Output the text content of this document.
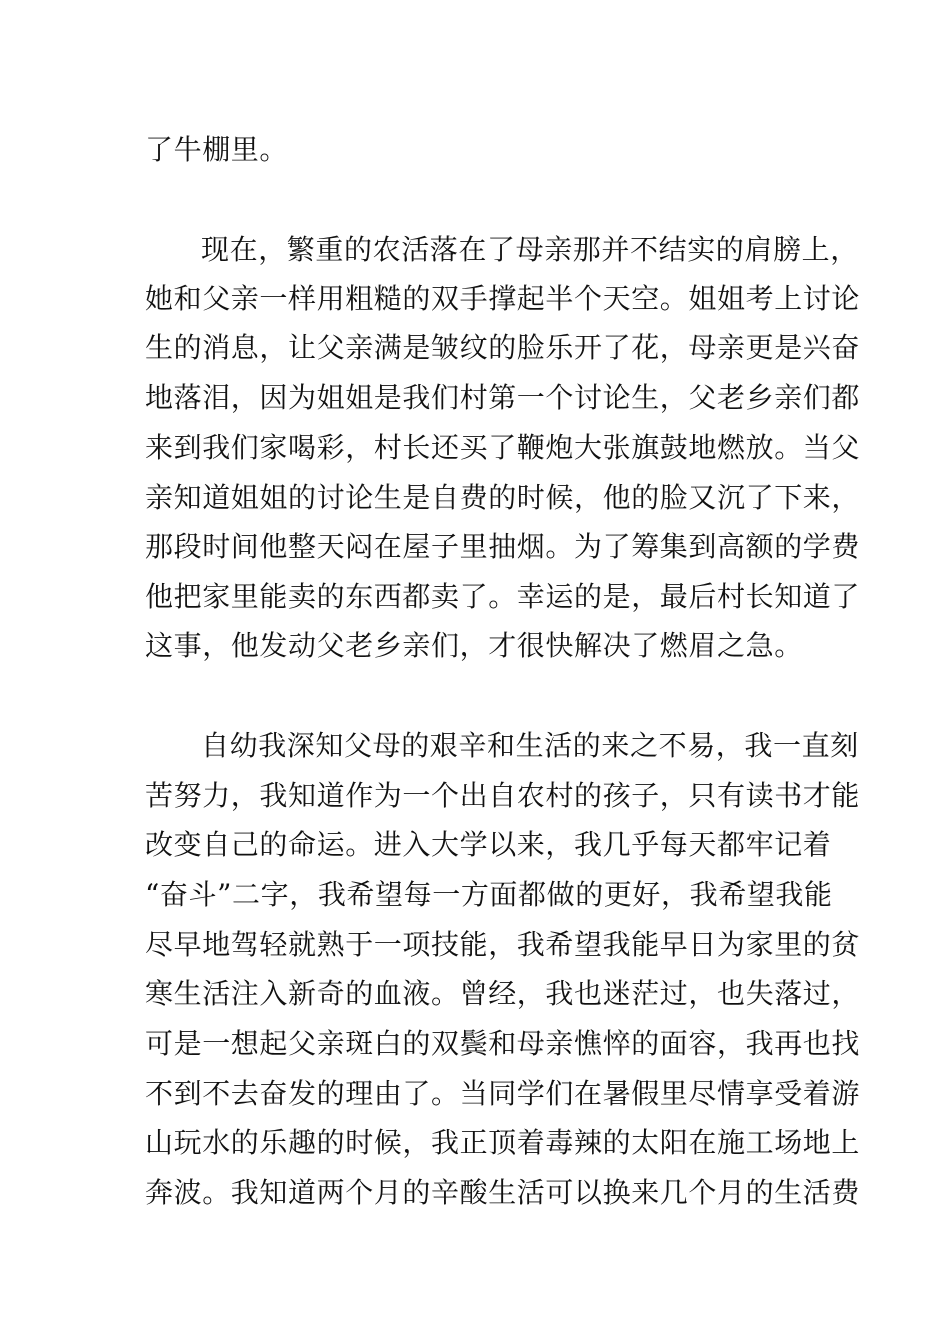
了牛棚里。

现在，繁重的农活落在了母亲那并不结实的肩膀上，

她和父亲一样用粗糙的双手撑起半个天空。姐姐考上讨论

生的消息，让父亲满是皱纹的脸乐开了花，母亲更是兴奋

地落泪，因为姐姐是我们村第一个讨论生，父老乡亲们都

来到我们家喝彩，村长还买了鞭炮大张旗鼓地燃放。当父

亲知道姐姐的讨论生是自费的时候，他的脸又沉了下来，

那段时间他整天闷在屋子里抽烟。为了筹集到高额的学费

他把家里能卖的东西都卖了。幸运的是，最后村长知道了

这事，他发动父老乡亲们，才很快解决了燃眉之急。

自幼我深知父母的艰辛和生活的来之不易，我一直刻

苦努力，我知道作为一个出自农村的孩子，只有读书才能

改变自己的命运。进入大学以来，我几乎每天都牢记着

“奋斗”二字，我希望每一方面都做的更好，我希望我能

尽早地驾轻就熟于一项技能，我希望我能早日为家里的贫

寒生活注入新奇的血液。曾经，我也迷茫过，也失落过，

可是一想起父亲斑白的双鬓和母亲憔悴的面容，我再也找

不到不去奋发的理由了。当同学们在暑假里尽情享受着游

山玩水的乐趣的时候，我正顶着毒辣的太阳在施工场地上

奔波。我知道两个月的辛酸生活可以换来几个月的生活费
